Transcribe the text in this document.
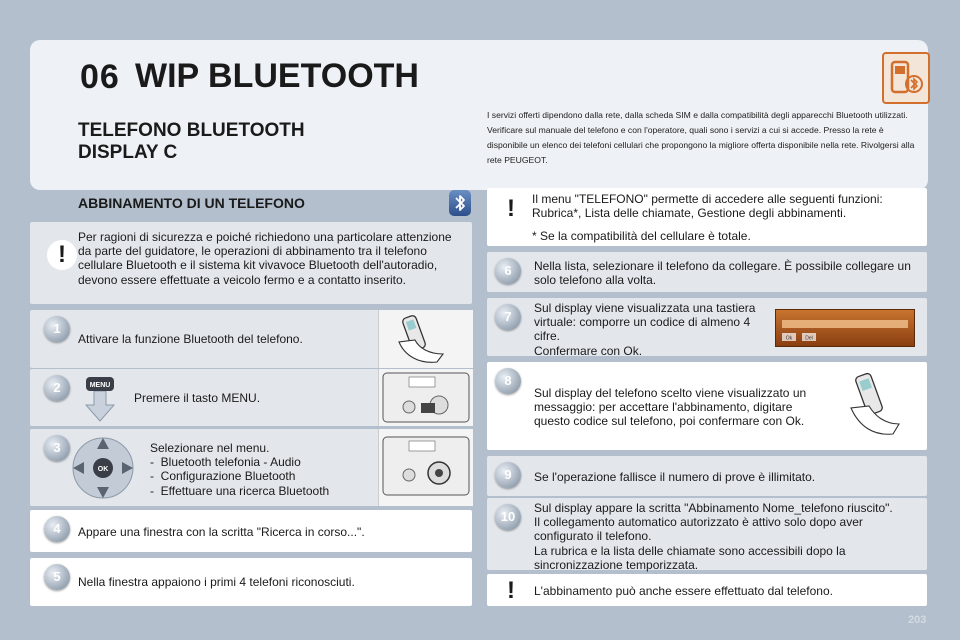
06 WIP BLUETOOTH
TELEFONO BLUETOOTH
DISPLAY C
I servizi offerti dipendono dalla rete, dalla scheda SIM e dalla compatibilità degli apparecchi Bluetooth utilizzati.
Verificare sul manuale del telefono e con l'operatore, quali sono i servizi a cui si accede. Presso la rete è disponibile un elenco dei telefoni cellulari che propongono la migliore offerta disponibile nella rete. Rivolgersi alla rete PEUGEOT.
ABBINAMENTO DI UN TELEFONO
!
Per ragioni di sicurezza e poiché richiedono una particolare attenzione da parte del guidatore, le operazioni di abbinamento tra il telefono cellulare Bluetooth e il sistema kit vivavoce Bluetooth dell'autoradio, devono essere effettuate a veicolo fermo e a contatto inserito.
1
Attivare la funzione Bluetooth del telefono.
2	MENU
Premere il tasto MENU.
3
OK
Selezionare nel menu.
-  Bluetooth telefonia - Audio
-  Configurazione Bluetooth
-  Effettuare una ricerca Bluetooth
4	Appare una finestra con la scritta "Ricerca in corso...".
5	Nella finestra appaiono i primi 4 telefoni riconosciuti.
!	Il menu "TELEFONO" permette di accedere alle seguenti funzioni: Rubrica*, Lista delle chiamate, Gestione degli abbinamenti.
* Se la compatibilità del cellulare è totale.
6	Nella lista, selezionare il telefono da collegare. È possibile collegare un solo telefono alla volta.
7
Sul display viene visualizzata una tastiera virtuale: comporre un codice di almeno 4 cifre.
Confermare con Ok.
Ok	Del
8
Sul display del telefono scelto viene visualizzato un messaggio: per accettare l'abbinamento, digitare questo codice sul telefono, poi confermare con Ok.
9	Se l'operazione fallisce il numero di prove è illimitato.
10
Sul display appare la scritta "Abbinamento Nome_telefono riuscito".
Il collegamento automatico autorizzato è attivo solo dopo aver configurato il telefono.
La rubrica e la lista delle chiamate sono accessibili dopo la sincronizzazione temporizzata.
!	L'abbinamento può anche essere effettuato dal telefono.
203
